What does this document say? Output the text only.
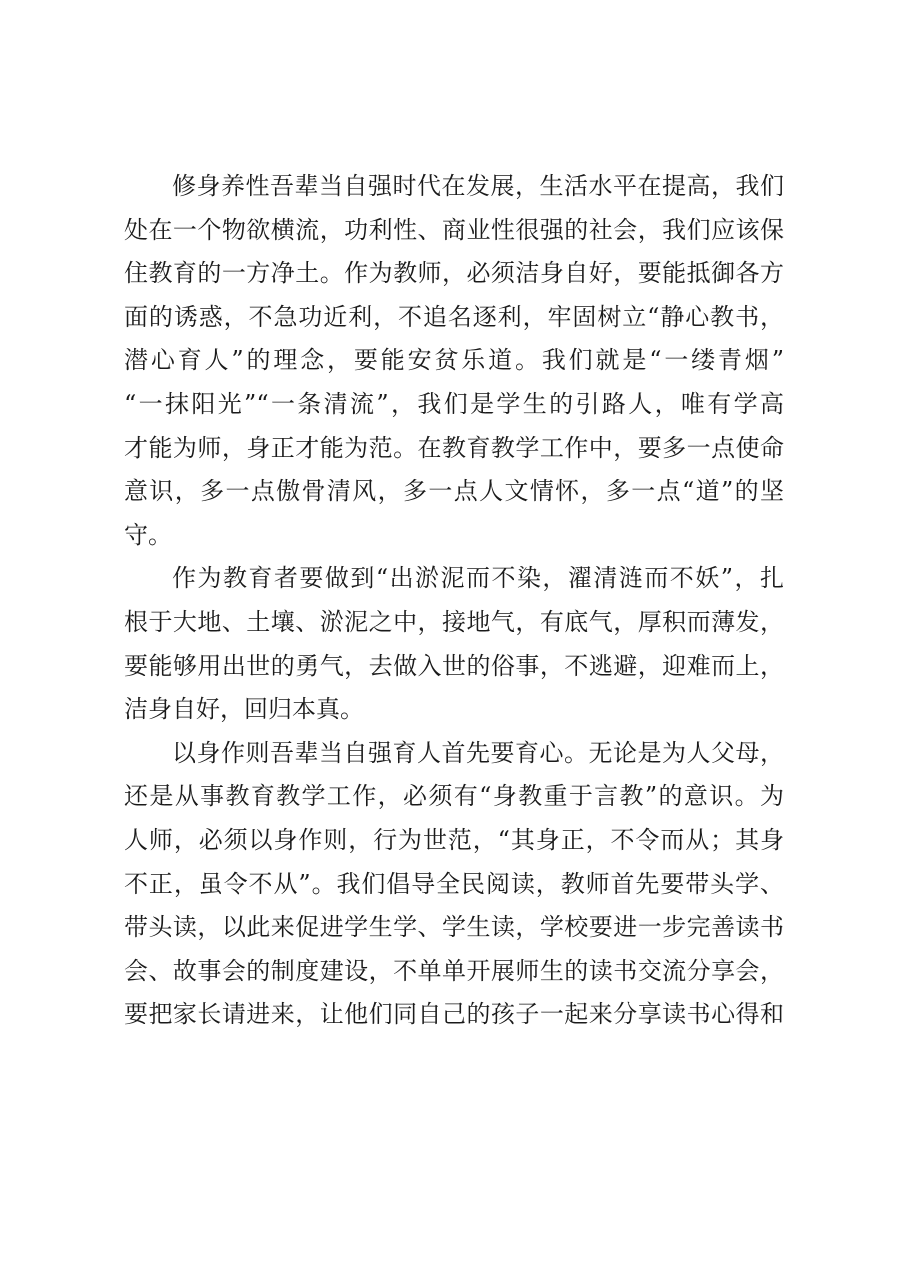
修身养性吾辈当自强时代在发展，生活水平在提高，我们
处在一个物欲横流，功利性、商业性很强的社会，我们应该保
住教育的一方净土。作为教师，必须洁身自好，要能抵御各方
面的诱惑，不急功近利，不追名逐利，牢固树立“静心教书，
潜心育人”的理念，要能安贫乐道。我们就是“一缕青烟”
“一抹阳光”“一条清流”，我们是学生的引路人，唯有学高
才能为师，身正才能为范。在教育教学工作中，要多一点使命
意识，多一点傲骨清风，多一点人文情怀，多一点“道”的坚
守。
作为教育者要做到“出淤泥而不染，濯清涟而不妖”，扎
根于大地、土壤、淤泥之中，接地气，有底气，厚积而薄发，
要能够用出世的勇气，去做入世的俗事，不逃避，迎难而上，
洁身自好，回归本真。
以身作则吾辈当自强育人首先要育心。无论是为人父母，
还是从事教育教学工作，必须有“身教重于言教”的意识。为
人师，必须以身作则，行为世范，“其身正，不令而从；其身
不正，虽令不从”。我们倡导全民阅读，教师首先要带头学、
带头读，以此来促进学生学、学生读，学校要进一步完善读书
会、故事会的制度建设，不单单开展师生的读书交流分享会，
要把家长请进来，让他们同自己的孩子一起来分享读书心得和
